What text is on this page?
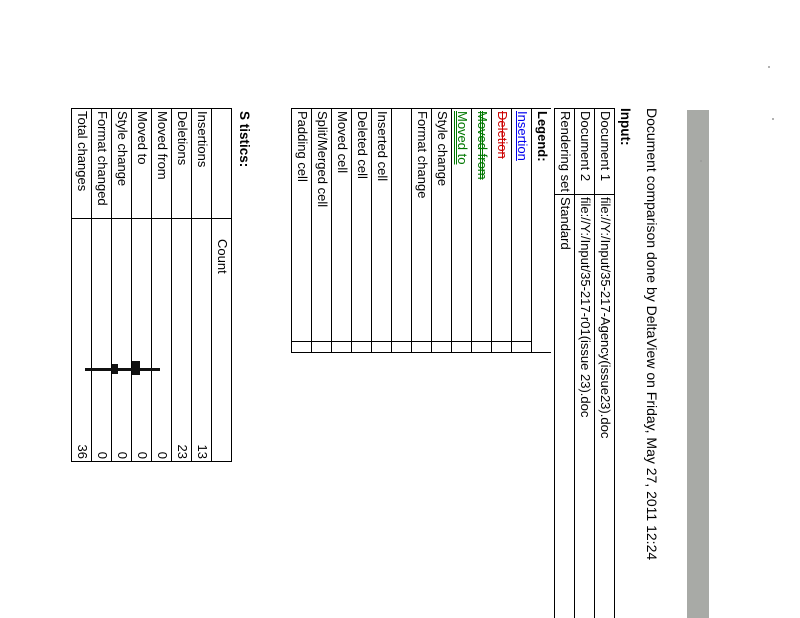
Document comparison done by DeltaView on Friday, May 27, 2011 12:24
Input:
Document 1	file://Y:/Input/35-217-Agency(issue23).doc
Document 2	file://Y:/Input/35-217-r01(issue 23).doc
Rendering set	Standard
Legend:	
Insertion	
Deletion	
Moved from	
Moved to	
Style change	
Format change	

Inserted cell	
Deleted cell	
Moved cell	
Split/Merged cell	
Padding cell	
S tistics:
	Count
Insertions	13
Deletions	23
Moved from	0
Moved to	0
Style change	0
Format changed	0
Total changes	36
